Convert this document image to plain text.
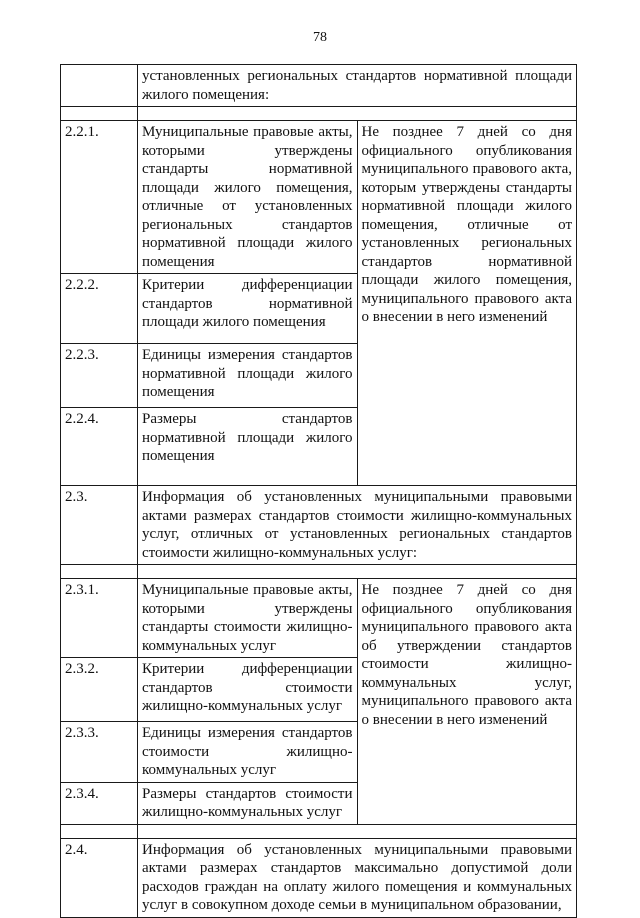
78
	установленных региональных стандартов нормативной площади жилого помещения:	

2.2.1.	Муниципальные правовые акты, которыми утверждены стандарты нормативной площади жилого помещения, отличные от установленных региональных стандартов нормативной площади жилого помещения	Не позднее 7 дней со дня официального опубликования муниципального правового акта, которым утверждены стандарты нормативной площади жилого помещения, отличные от установленных региональных стандартов нормативной площади жилого помещения, муниципального правового акта о внесении в него изменений
2.2.2.	Критерии дифференциации стандартов нормативной площади жилого помещения	
2.2.3.	Единицы измерения стандартов нормативной площади жилого помещения	
2.2.4.	Размеры стандартов нормативной площади жилого помещения	
2.3.	Информация об установленных муниципальными правовыми актами размерах стандартов стоимости жилищно-коммунальных услуг, отличных от установленных региональных стандартов стоимости жилищно-коммунальных услуг:	

2.3.1.	Муниципальные правовые акты, которыми утверждены стандарты стоимости жилищно-коммунальных услуг	Не позднее 7 дней со дня официального опубликования муниципального правового акта об утверждении стандартов стоимости жилищно-коммунальных услуг, муниципального правового акта о внесении в него изменений
2.3.2.	Критерии дифференциации стандартов стоимости жилищно-коммунальных услуг	
2.3.3.	Единицы измерения стандартов стоимости жилищно-коммунальных услуг	
2.3.4.	Размеры стандартов стоимости жилищно-коммунальных услуг	

2.4.	Информация об установленных муниципальными правовыми актами размерах стандартов максимально допустимой доли расходов граждан на оплату жилого помещения и коммунальных услуг в совокупном доходе семьи в муниципальном образовании,	
